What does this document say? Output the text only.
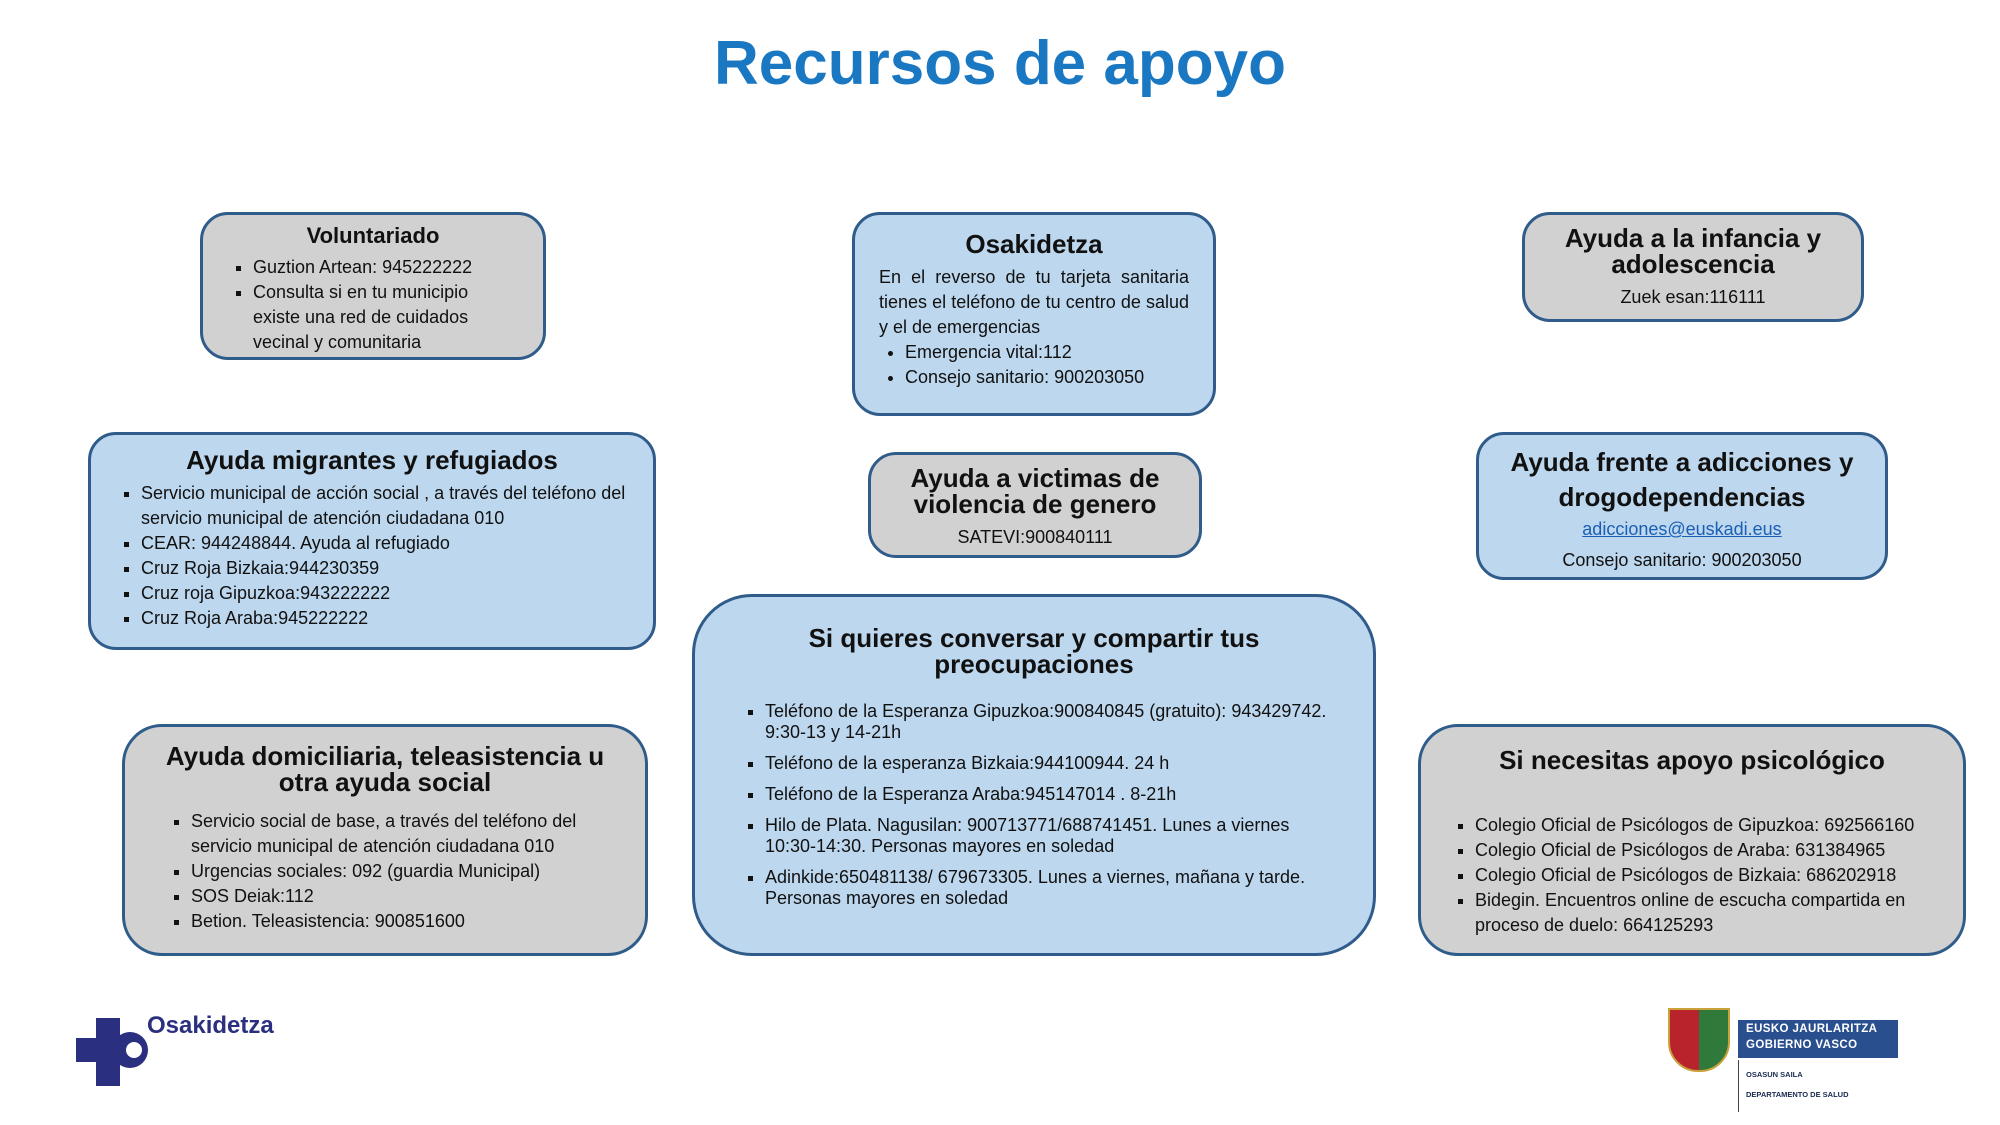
Recursos de apoyo
Voluntariado
▪ Guztion Artean: 945222222
▪ Consulta si en tu municipio existe una red de cuidados vecinal y comunitaria
Osakidetza

En el reverso de tu tarjeta sanitaria tienes el teléfono de tu centro de salud y el de emergencias

• Emergencia vital:112
• Consejo sanitario: 900203050
Ayuda a la infancia y adolescencia

Zuek esan:116111

Ayuda migrantes y refugiados
▪ Servicio municipal de acción social , a través del teléfono del servicio municipal de atención ciudadana 010
▪ CEAR: 944248844. Ayuda al refugiado
▪ Cruz Roja Bizkaia:944230359
▪ Cruz roja Gipuzkoa:943222222
▪ Cruz Roja Araba:945222222
Ayuda a victimas de violencia de genero

SATEVI:900840111

Ayuda frente a adicciones y drogodependencias

adicciones@euskadi.eus

Consejo sanitario: 900203050

Si quieres conversar y compartir tus preocupaciones
▪ Teléfono de la Esperanza Gipuzkoa:900840845 (gratuito): 943429742. 9:30-13 y 14-21h
▪ Teléfono de la esperanza Bizkaia:944100944. 24 h
▪ Teléfono de la Esperanza Araba:945147014 . 8-21h
▪ Hilo de Plata. Nagusilan: 900713771/688741451. Lunes a viernes 10:30-14:30. Personas mayores en soledad
▪ Adinkide:650481138/ 679673305. Lunes a viernes, mañana y tarde. Personas mayores en soledad
Ayuda domiciliaria, teleasistencia u otra ayuda social
▪ Servicio social de base, a través del teléfono del servicio municipal de atención ciudadana 010
▪ Urgencias sociales: 092 (guardia Municipal)
▪ SOS Deiak:112
▪ Betion. Teleasistencia: 900851600
Si necesitas apoyo psicológico
▪ Colegio Oficial de Psicólogos de Gipuzkoa: 692566160
▪ Colegio Oficial de Psicólogos de Araba: 631384965
▪ Colegio Oficial de Psicólogos de Bizkaia: 686202918
▪ Bidegin. Encuentros online de escucha compartida en proceso de duelo: 664125293
Osakidetza	EUSKO JAURLARITZA
GOBIERNO VASCO
OSASUN SAILA
DEPARTAMENTO DE SALUD
